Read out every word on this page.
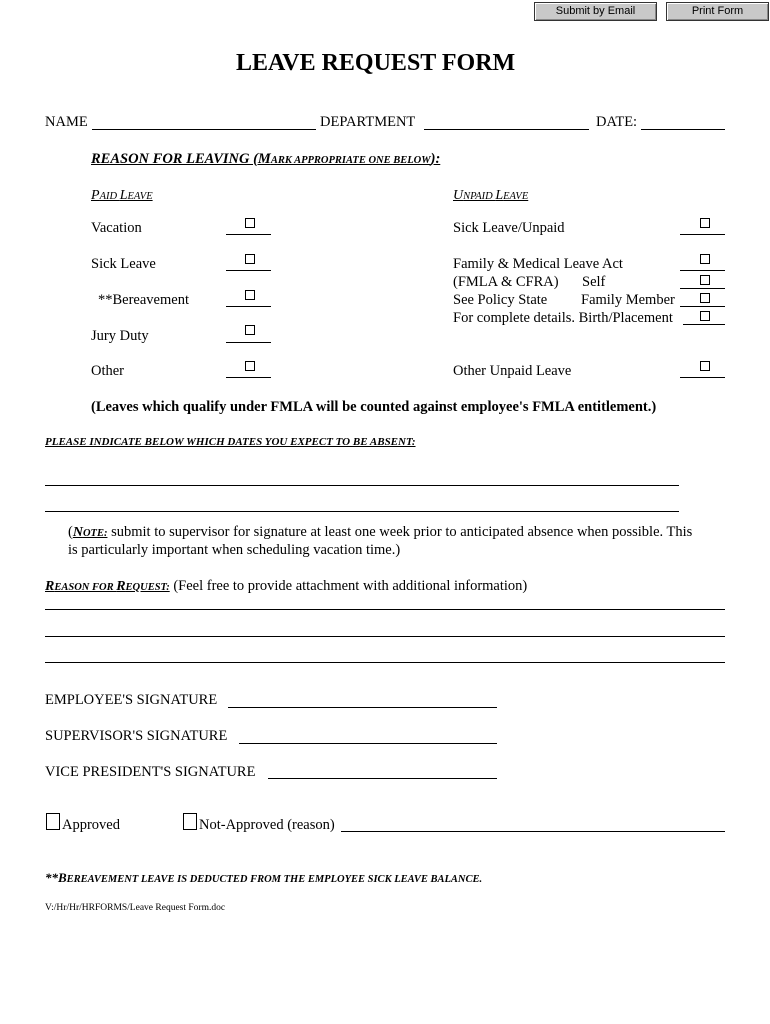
Submit by Email	Print Form
LEAVE REQUEST FORM
NAME	DEPARTMENT	DATE:
REASON FOR LEAVING (MARK APPROPRIATE ONE BELOW):
PAID LEAVE	UNPAID LEAVE
Vacation
Sick Leave
**Bereavement
Jury Duty
Other
Sick Leave/Unpaid
Family & Medical Leave Act
(FMLA & CFRA) Self
See Policy State Family Member
For complete details. Birth/Placement
Other Unpaid Leave
(Leaves which qualify under FMLA will be counted against employee's FMLA entitlement.)
PLEASE INDICATE BELOW WHICH DATES YOU EXPECT TO BE ABSENT:
(NOTE: submit to supervisor for signature at least one week prior to anticipated absence when possible. This
is particularly important when scheduling vacation time.)
REASON FOR REQUEST: (Feel free to provide attachment with additional information)
EMPLOYEE'S SIGNATURE
SUPERVISOR'S SIGNATURE
VICE PRESIDENT'S SIGNATURE
Approved	Not-Approved (reason)
**BEREAVEMENT LEAVE IS DEDUCTED FROM THE EMPLOYEE SICK LEAVE BALANCE.
V:/Hr/Hr/HRFORMS/Leave Request Form.doc
